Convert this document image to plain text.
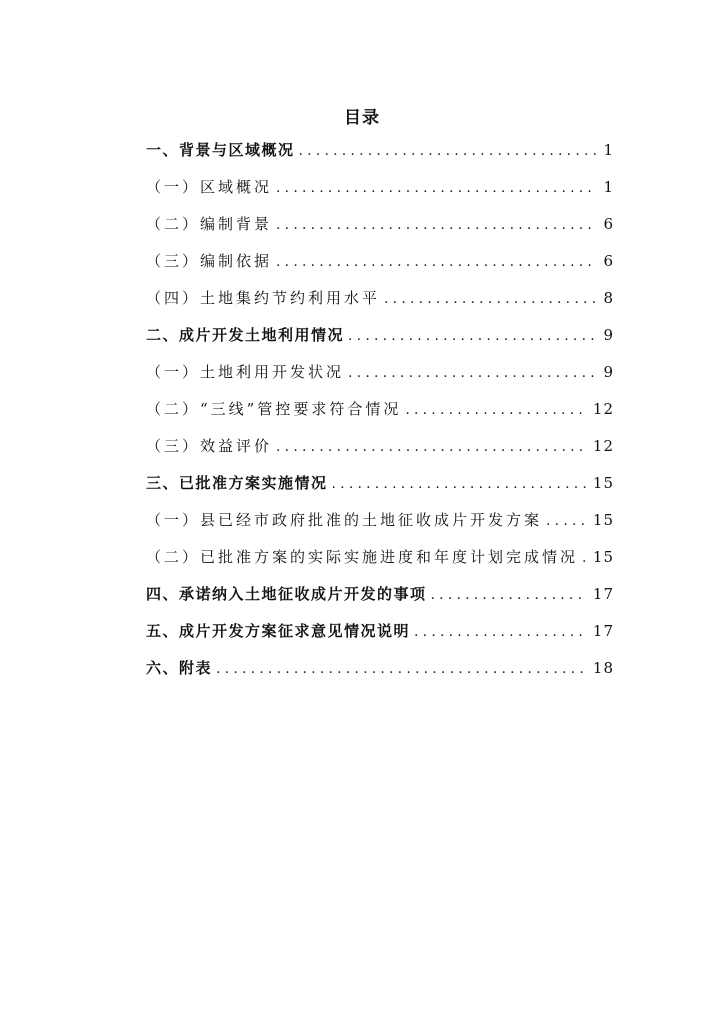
目录
一、背景与区域概况 .....	1
（一）区域概况 .....	1
（二）编制背景 .....	6
（三）编制依据 .....	6
（四）土地集约节约利用水平 .....	8
二、成片开发土地利用情况 .....	9
（一）土地利用开发状况 .....	9
（二）“三线”管控要求符合情况 .....	12
（三）效益评价 .....	12
三、已批准方案实施情况 .....	15
（一）县已经市政府批准的土地征收成片开发方案 .....	15
（二）已批准方案的实际实施进度和年度计划完成情况 ..... 15
四、承诺纳入土地征收成片开发的事项 .....	17
五、成片开发方案征求意见情况说明 .....	17
六、附表 .....	18
